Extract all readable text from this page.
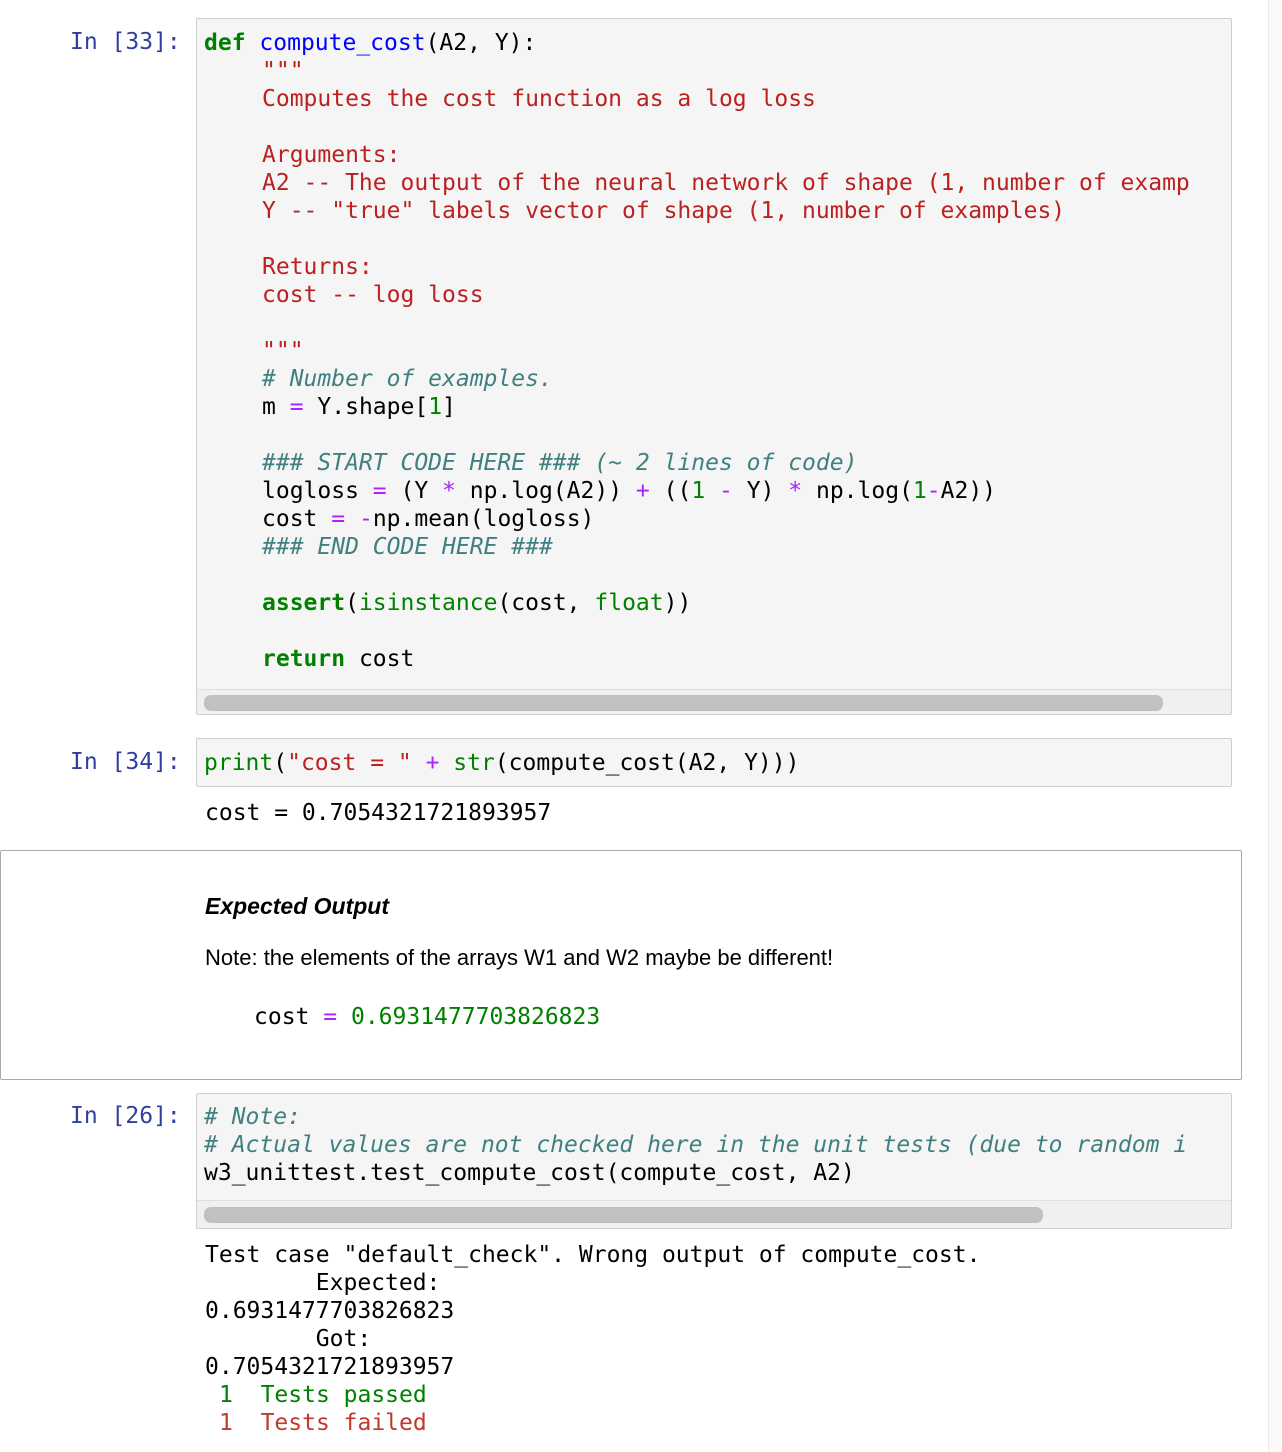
In [33]: def compute_cost(A2, Y):
"""
Computes the cost function as a log loss
Arguments:
A2 -- The output of the neural network of shape (1, number of examp
Y -- "true" labels vector of shape (1, number of examples)
Returns:
cost -- log loss
"""
# Number of examples.
m = Y.shape[1]
### START CODE HERE ### (~ 2 lines of code)
logloss = (Y * np.log(A2)) + ((1 - Y) * np.log(1-A2))
cost = -np.mean(logloss)
### END CODE HERE ###
assert(isinstance(cost, float))
return cost
In [34]: print("cost = " + str(compute_cost(A2, Y)))
cost = 0.7054321721893957
Expected Output
Note: the elements of the arrays W1 and W2 maybe be different!
cost = 0.6931477703826823
In [26]: # Note:
# Actual values are not checked here in the unit tests (due to random i
w3_unittest.test_compute_cost(compute_cost, A2)
Test case "default_check". Wrong output of compute_cost.
Expected:
0.6931477703826823
Got:
0.7054321721893957
1 Tests passed
1 Tests failed
